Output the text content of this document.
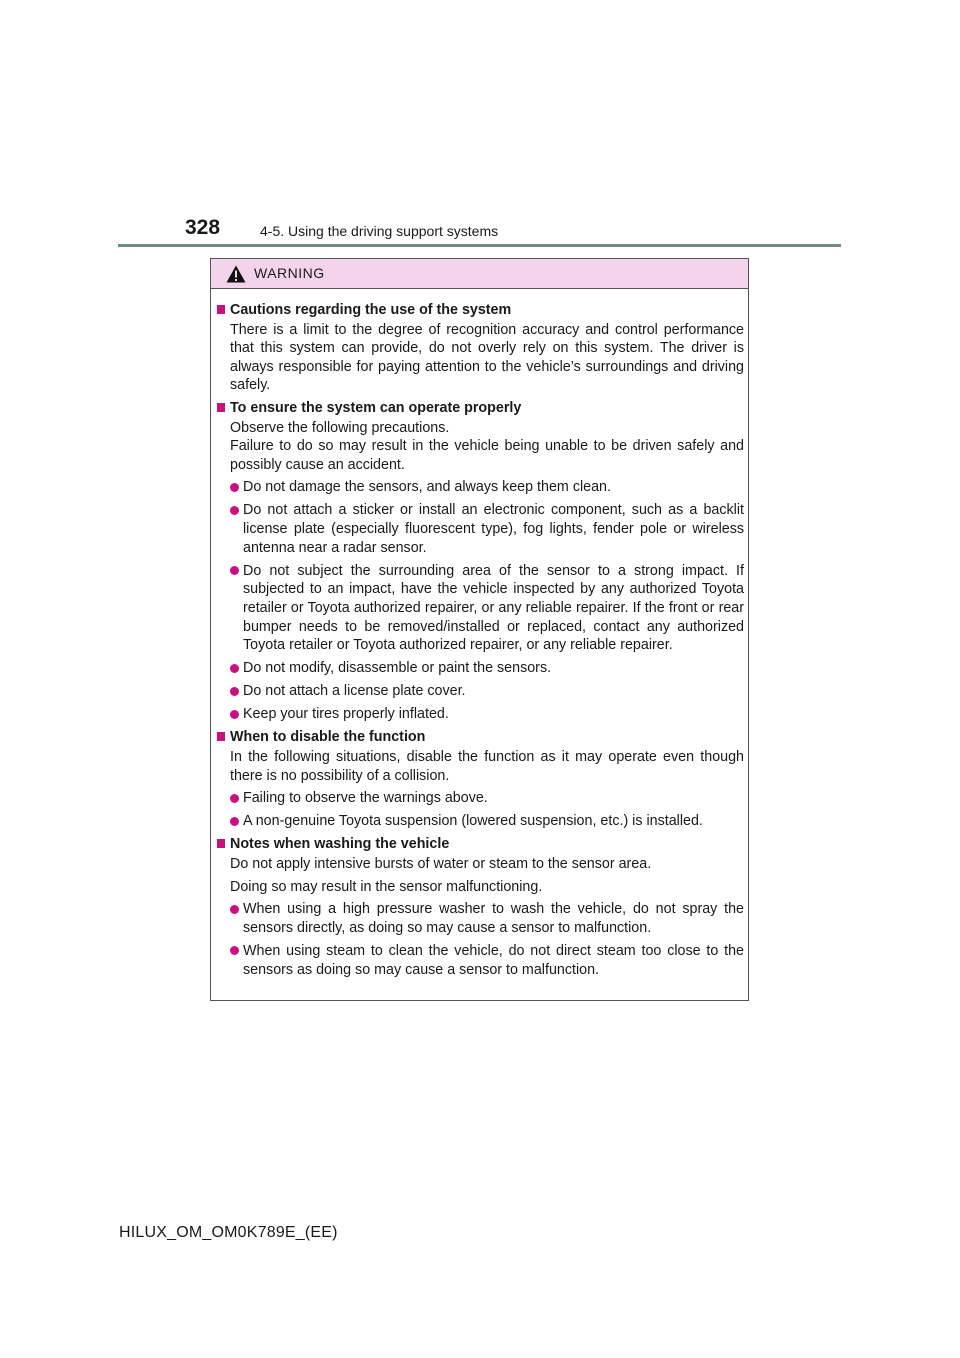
328	4-5. Using the driving support systems
WARNING
Cautions regarding the use of the system
There is a limit to the degree of recognition accuracy and control performance that this system can provide, do not overly rely on this system. The driver is always responsible for paying attention to the vehicle’s surroundings and driving safely.
To ensure the system can operate properly
Observe the following precautions.
Failure to do so may result in the vehicle being unable to be driven safely and possibly cause an accident.
Do not damage the sensors, and always keep them clean.
Do not attach a sticker or install an electronic component, such as a backlit license plate (especially fluorescent type), fog lights, fender pole or wireless antenna near a radar sensor.
Do not subject the surrounding area of the sensor to a strong impact. If subjected to an impact, have the vehicle inspected by any authorized Toyota retailer or Toyota authorized repairer, or any reliable repairer. If the front or rear bumper needs to be removed/installed or replaced, contact any authorized Toyota retailer or Toyota authorized repairer, or any reliable repairer.
Do not modify, disassemble or paint the sensors.
Do not attach a license plate cover.
Keep your tires properly inflated.
When to disable the function
In the following situations, disable the function as it may operate even though there is no possibility of a collision.
Failing to observe the warnings above.
A non-genuine Toyota suspension (lowered suspension, etc.) is installed.
Notes when washing the vehicle
Do not apply intensive bursts of water or steam to the sensor area.
Doing so may result in the sensor malfunctioning.
When using a high pressure washer to wash the vehicle, do not spray the sensors directly, as doing so may cause a sensor to malfunction.
When using steam to clean the vehicle, do not direct steam too close to the sensors as doing so may cause a sensor to malfunction.
HILUX_OM_OM0K789E_(EE)
